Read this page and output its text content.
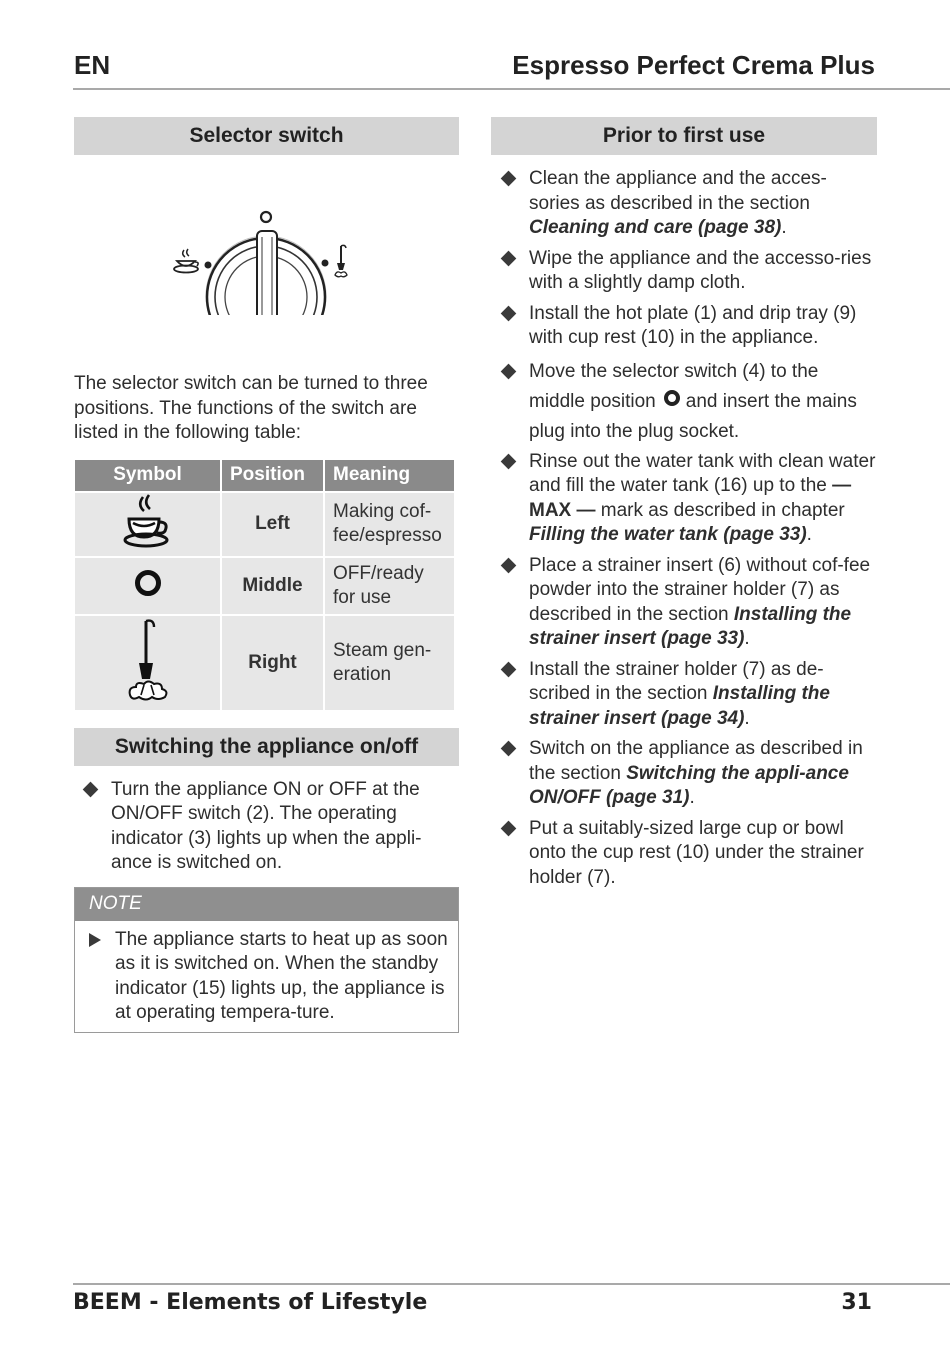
EN	Espresso Perfect Crema Plus
Selector switch

The selector switch can be turned to three positions. The functions of the switch are listed in the following table:

Symbol	Position	Meaning
	Left	Making cof-fee/espresso
	Middle	OFF/ready for use
	Right	Steam gen-eration
Switching the appliance on/off
Turn the appliance ON or OFF at the ON/OFF switch (2). The operating indicator (3) lights up when the appli-ance is switched on.
NOTE
The appliance starts to heat up as soon as it is switched on. When the standby indicator (15) lights up, the appliance is at operating tempera-ture.
Prior to first use
Clean the appliance and the acces-sories as described in the section Cleaning and care (page 38).
Wipe the appliance and the accesso-ries with a slightly damp cloth.
Install the hot plate (1) and drip tray (9) with cup rest (10) in the appliance.
Move the selector switch (4) to the middle position and insert the mains plug into the plug socket.
Rinse out the water tank with clean water and fill the water tank (16) up to the — MAX — mark as described in chapter Filling the water tank (page 33).
Place a strainer insert (6) without cof-fee powder into the strainer holder (7) as described in the section Installing the strainer insert (page 33).
Install the strainer holder (7) as de-scribed in the section Installing the strainer insert (page 34).
Switch on the appliance as described in the section Switching the appli-ance ON/OFF (page 31).
Put a suitably-sized large cup or bowl onto the cup rest (10) under the strainer holder (7).
BEEM - Elements of Lifestyle	31
